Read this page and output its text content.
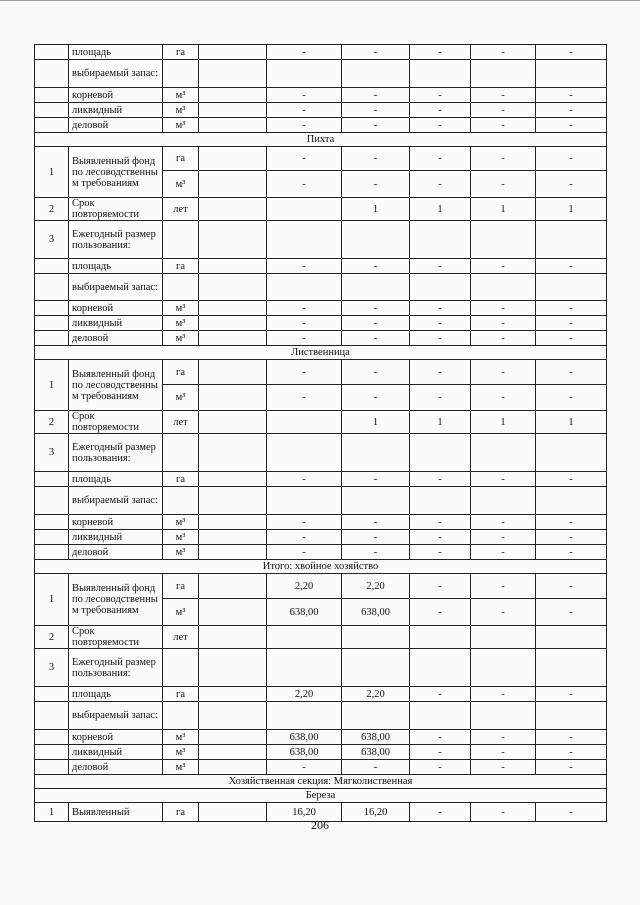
	площадь	га		-	-	-	-	-		
	выбираемый запас:									
	корневой	м³		-	-	-	-	-		
	ликвидный	м³		-	-	-	-	-		
	деловой	м³		-	-	-	-	-		
Пихта									
1	Выявленный фонд по лесоводственны м требованиям	га		-	-	-	-	-		
		м³		-	-	-	-	-		
2	Срок повторяемости	лет			1	1	1	1		
3	Ежегодный размер пользования:									
	площадь	га		-	-	-	-	-		
	выбираемый запас:									
	корневой	м³		-	-	-	-	-		
	ликвидный	м³		-	-	-	-	-		
	деловой	м³		-	-	-	-	-		
Лиственница									
1	Выявленный фонд по лесоводственны м требованиям	га		-	-	-	-	-		
		м³		-	-	-	-	-		
2	Срок повторяемости	лет			1	1	1	1		
3	Ежегодный размер пользования:									
	площадь	га		-	-	-	-	-		
	выбираемый запас:									
	корневой	м³		-	-	-	-	-		
	ликвидный	м³		-	-	-	-	-		
	деловой	м³		-	-	-	-	-		
Итого: хвойное хозяйство									
1	Выявленный фонд по лесоводственны м требованиям	га		2,20	2,20	-	-	-		
		м³		638,00	638,00	-	-	-		
2	Срок повторяемости	лет								
3	Ежегодный размер пользования:									
	площадь	га		2,20	2,20	-	-	-		
	выбираемый запас:									
	корневой	м³		638,00	638,00	-	-	-		
	ликвидный	м³		638,00	638,00	-	-	-		
	деловой	м³		-	-	-	-	-		
Хозяйственная секция: Мягколиственная									
Береза									
1	Выявленный	га		16,20	16,20	-	-	-		
206
